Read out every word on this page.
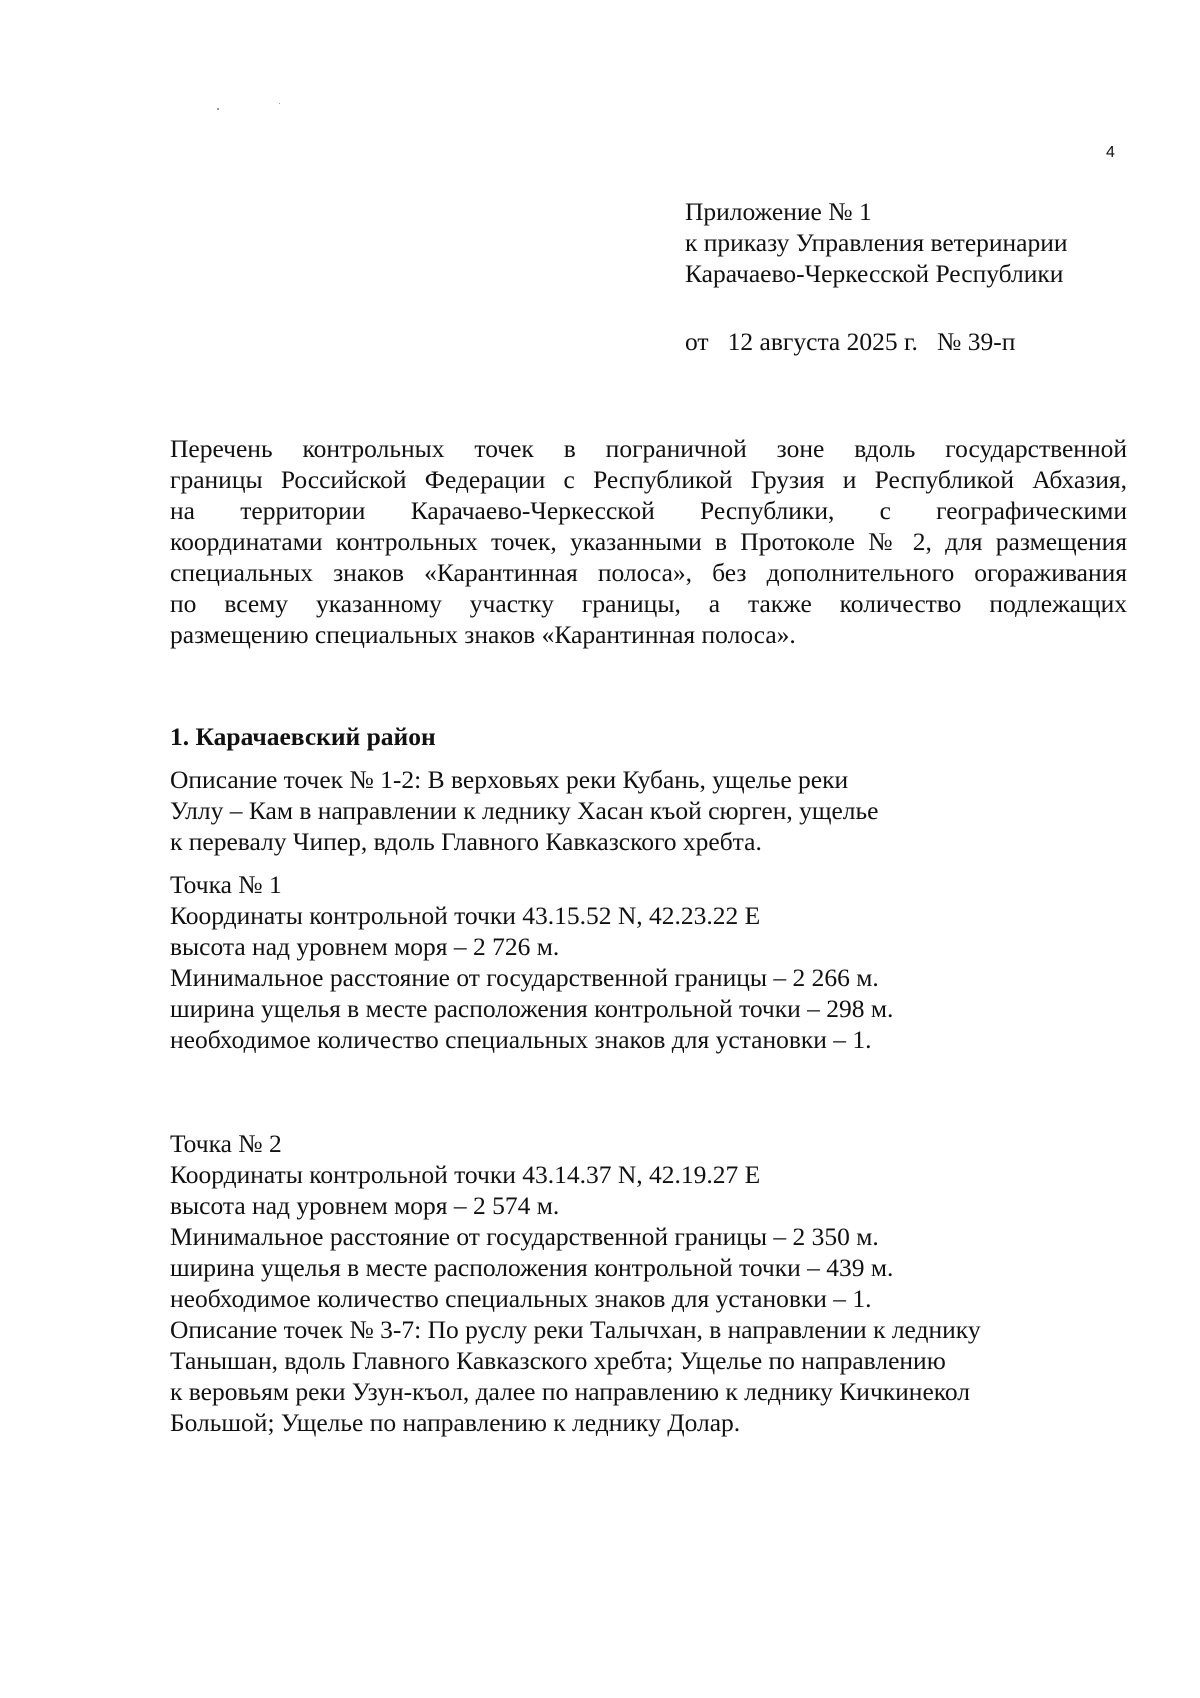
4
Приложение № 1
к приказу Управления ветеринарии
Карачаево-Черкесской Республики
от   12 августа 2025 г.   № 39-п
Перечень контрольных точек в пограничной зоне вдоль государственной
границы Российской Федерации с Республикой Грузия и Республикой Абхазия,
на территории Карачаево-Черкесской Республики, с географическими
координатами контрольных точек, указанными в Протоколе № 2, для размещения
специальных знаков «Карантинная полоса», без дополнительного огораживания
по всему указанному участку границы, а также количество подлежащих
размещению специальных знаков «Карантинная полоса».
1. Карачаевский район
Описание точек № 1-2: В верховьях реки Кубань, ущелье реки
Уллу – Кам в направлении к леднику Хасан къой сюрген, ущелье
к перевалу Чипер, вдоль Главного Кавказского хребта.
Точка № 1
Координаты контрольной точки 43.15.52 N, 42.23.22 E
высота над уровнем моря – 2 726 м.
Минимальное расстояние от государственной границы – 2 266 м.
ширина ущелья в месте расположения контрольной точки – 298 м.
необходимое количество специальных знаков для установки – 1.
Точка № 2
Координаты контрольной точки 43.14.37 N, 42.19.27 E
высота над уровнем моря – 2 574 м.
Минимальное расстояние от государственной границы – 2 350 м.
ширина ущелья в месте расположения контрольной точки – 439 м.
необходимое количество специальных знаков для установки – 1.
Описание точек № 3-7: По руслу реки Талычхан, в направлении к леднику
Танышан, вдоль Главного Кавказского хребта; Ущелье по направлению
к веровьям реки Узун-къол, далее по направлению к леднику Кичкинекол
Большой; Ущелье по направлению к леднику Долар.
